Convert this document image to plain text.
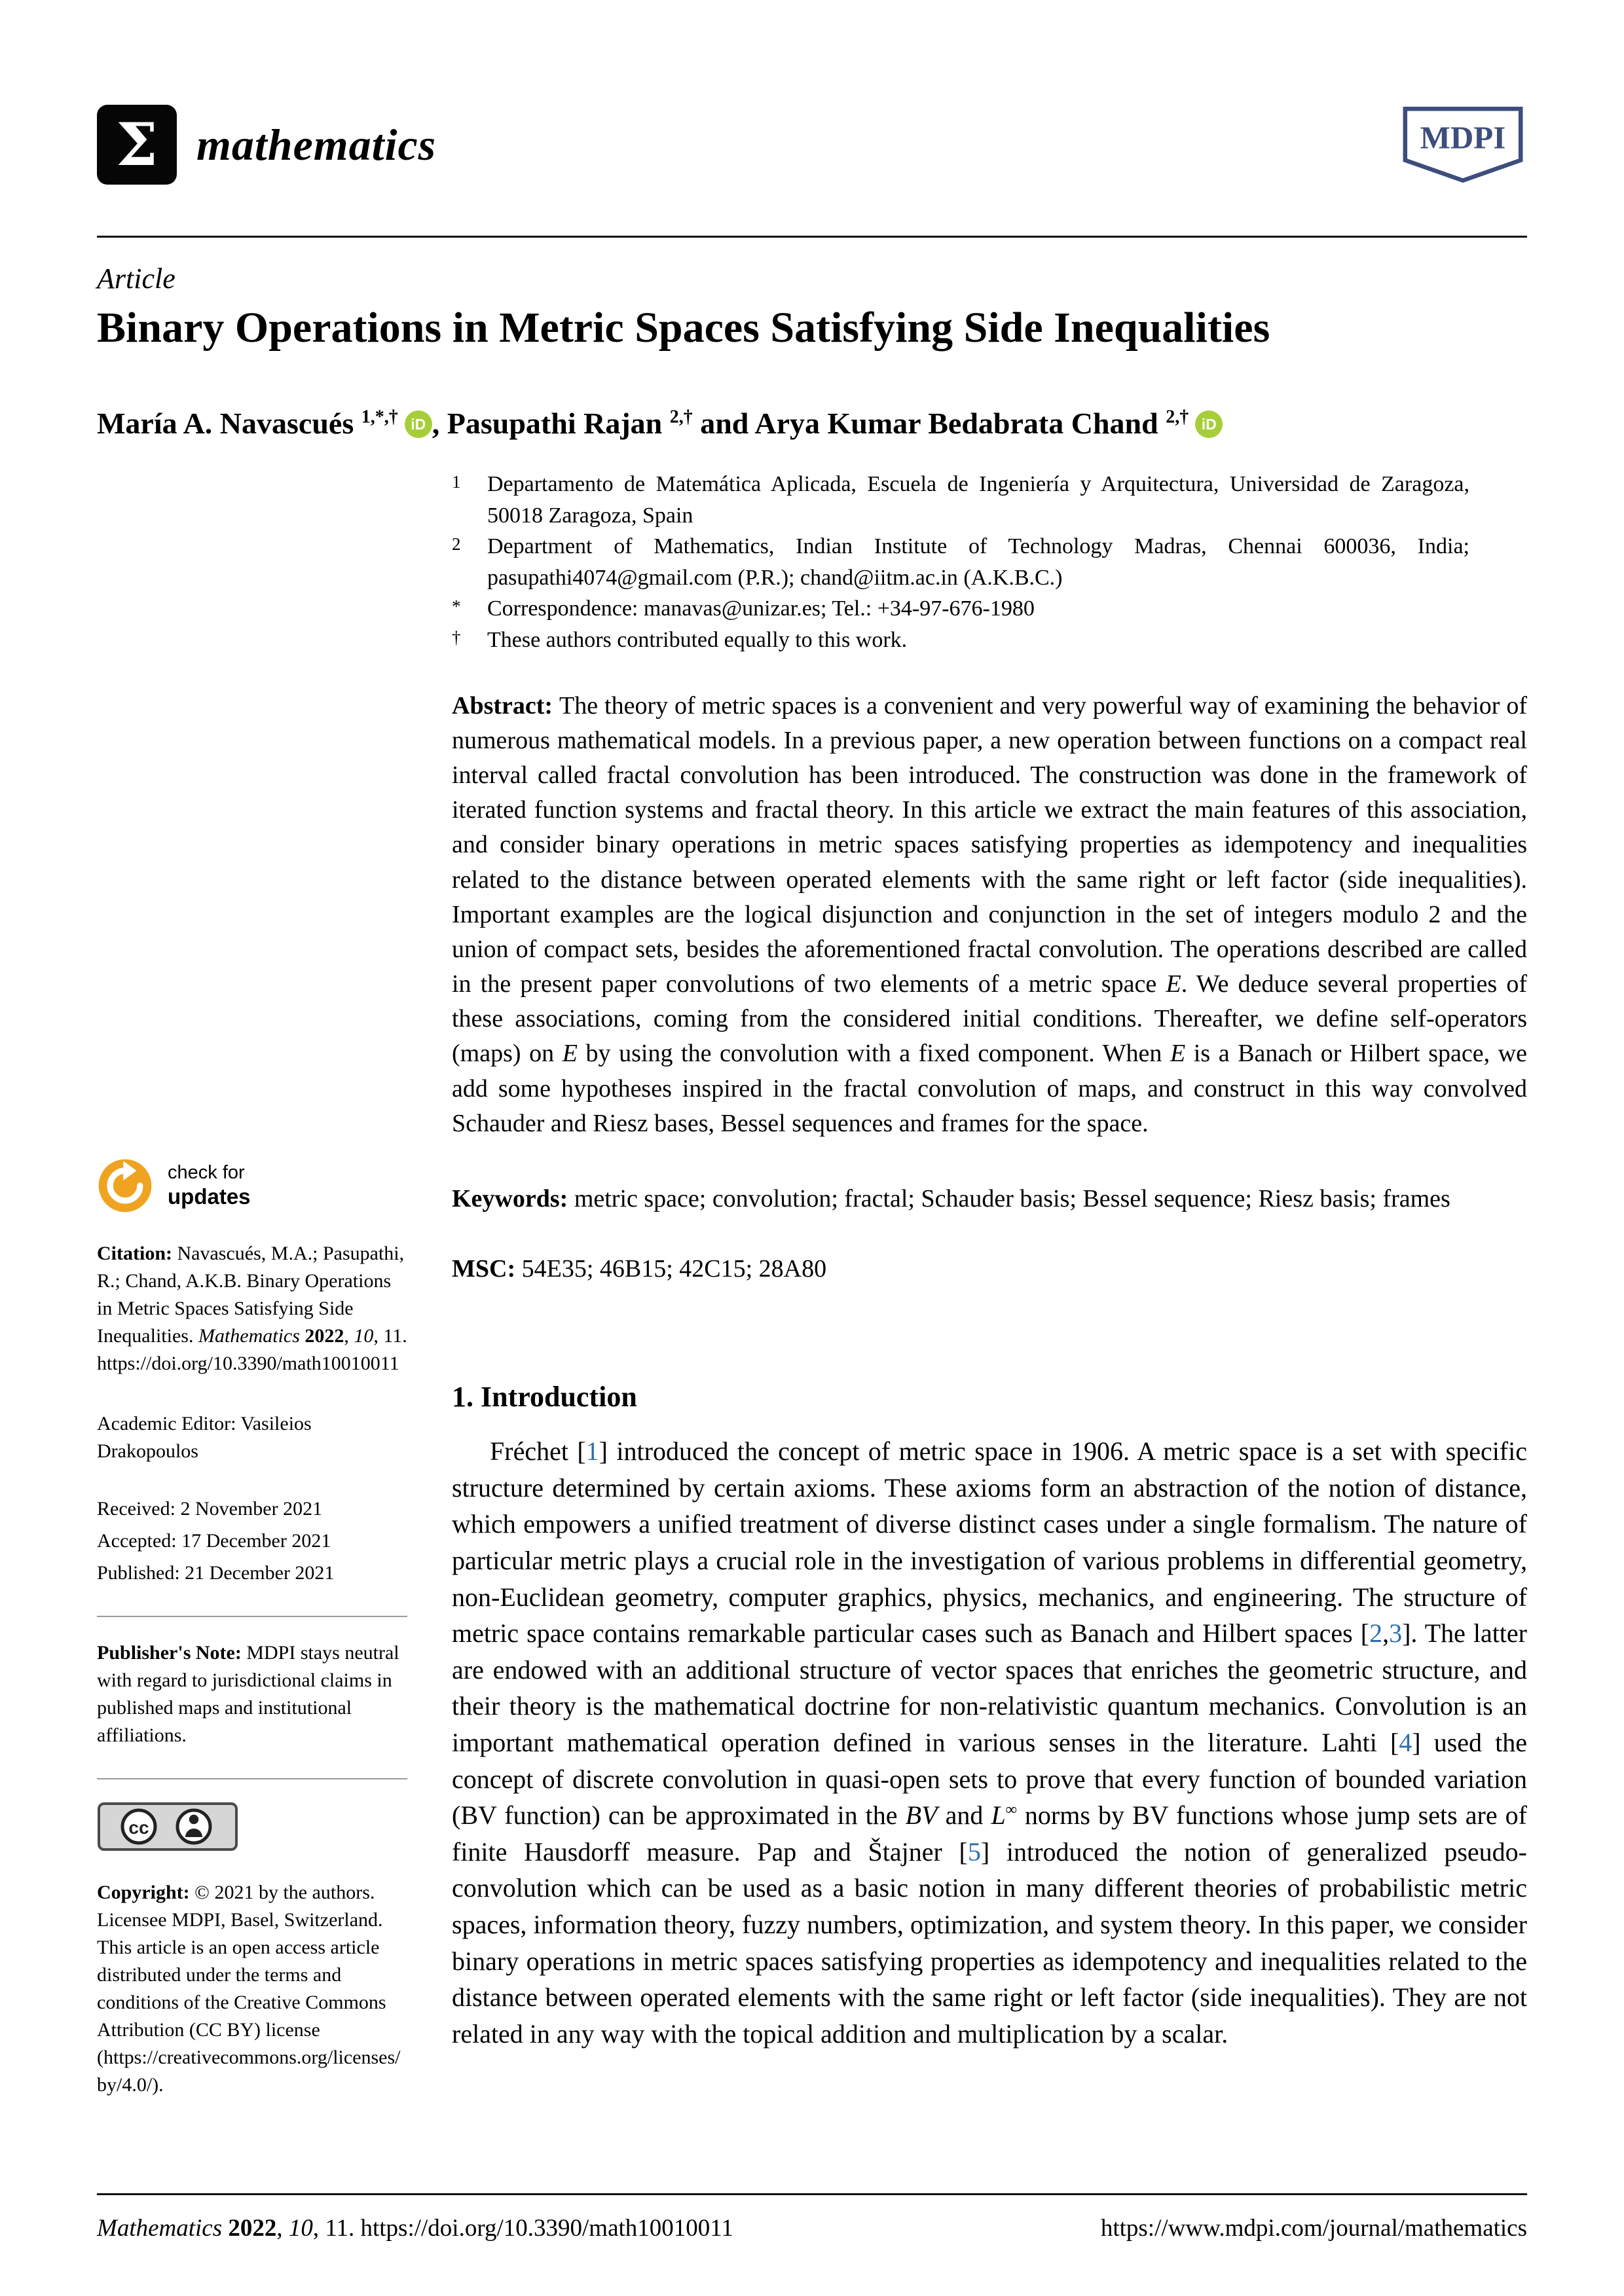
Σ mathematics	MDPI
Article
Binary Operations in Metric Spaces Satisfying Side Inequalities
María A. Navascués $^{1,*,\dagger}$ iD , Pasupathi Rajan $^{2,\dagger}$ and Arya Kumar Bedabrata Chand $^{2,\dagger}$ iD
1	Departamento de Matemática Aplicada, Escuela de Ingeniería y Arquitectura, Universidad de Zaragoza, 50018 Zaragoza, Spain
2	Department of Mathematics, Indian Institute of Technology Madras, Chennai 600036, India; pasupathi4074@gmail.com (P.R.); chand@iitm.ac.in (A.K.B.C.)
*	Correspondence: manavas@unizar.es; Tel.: +34-97-676-1980
†	These authors contributed equally to this work.

Abstract: The theory of metric spaces is a convenient and very powerful way of examining the behavior of numerous mathematical models. In a previous paper, a new operation between functions on a compact real interval called fractal convolution has been introduced. The construction was done in the framework of iterated function systems and fractal theory. In this article we extract the main features of this association, and consider binary operations in metric spaces satisfying properties as idempotency and inequalities related to the distance between operated elements with the same right or left factor (side inequalities). Important examples are the logical disjunction and conjunction in the set of integers modulo 2 and the union of compact sets, besides the aforementioned fractal convolution. The operations described are called in the present paper convolutions of two elements of a metric space E. We deduce several properties of these associations, coming from the considered initial conditions. Thereafter, we define self-operators (maps) on E by using the convolution with a fixed component. When E is a Banach or Hilbert space, we add some hypotheses inspired in the fractal convolution of maps, and construct in this way convolved Schauder and Riesz bases, Bessel sequences and frames for the space.

Keywords: metric space; convolution; fractal; Schauder basis; Bessel sequence; Riesz basis; frames

MSC: 54E35; 46B15; 42C15; 28A80

1. Introduction

Fréchet [1] introduced the concept of metric space in 1906. A metric space is a set with specific structure determined by certain axioms. These axioms form an abstraction of the notion of distance, which empowers a unified treatment of diverse distinct cases under a single formalism. The nature of particular metric plays a crucial role in the investigation of various problems in differential geometry, non-Euclidean geometry, computer graphics, physics, mechanics, and engineering. The structure of metric space contains remarkable particular cases such as Banach and Hilbert spaces [2,3]. The latter are endowed with an additional structure of vector spaces that enriches the geometric structure, and their theory is the mathematical doctrine for non-relativistic quantum mechanics. Convolution is an important mathematical operation defined in various senses in the literature. Lahti [4] used the concept of discrete convolution in quasi-open sets to prove that every function of bounded variation (BV function) can be approximated in the BV and L∞ norms by BV functions whose jump sets are of finite Hausdorff measure. Pap and Štajner [5] introduced the notion of generalized pseudo-convolution which can be used as a basic notion in many different theories of probabilistic metric spaces, information theory, fuzzy numbers, optimization, and system theory. In this paper, we consider binary operations in metric spaces satisfying properties as idempotency and inequalities related to the distance between operated elements with the same right or left factor (side inequalities). They are not related in any way with the topical addition and multiplication by a scalar.

check for
updates
Citation: Navascués, M.A.; Pasupathi, R.; Chand, A.K.B. Binary Operations in Metric Spaces Satisfying Side Inequalities. Mathematics 2022, 10, 11. https://doi.org/10.3390/math10010011
Academic Editor: Vasileios Drakopoulos
Received: 2 November 2021
Accepted: 17 December 2021
Published: 21 December 2021
Publisher's Note: MDPI stays neutral with regard to jurisdictional claims in published maps and institutional affiliations.
cc
Copyright: © 2021 by the authors. Licensee MDPI, Basel, Switzerland. This article is an open access article distributed under the terms and conditions of the Creative Commons Attribution (CC BY) license (https://creativecommons.org/licenses/by/4.0/).
Mathematics 2022, 10, 11. https://doi.org/10.3390/math10010011	https://www.mdpi.com/journal/mathematics
